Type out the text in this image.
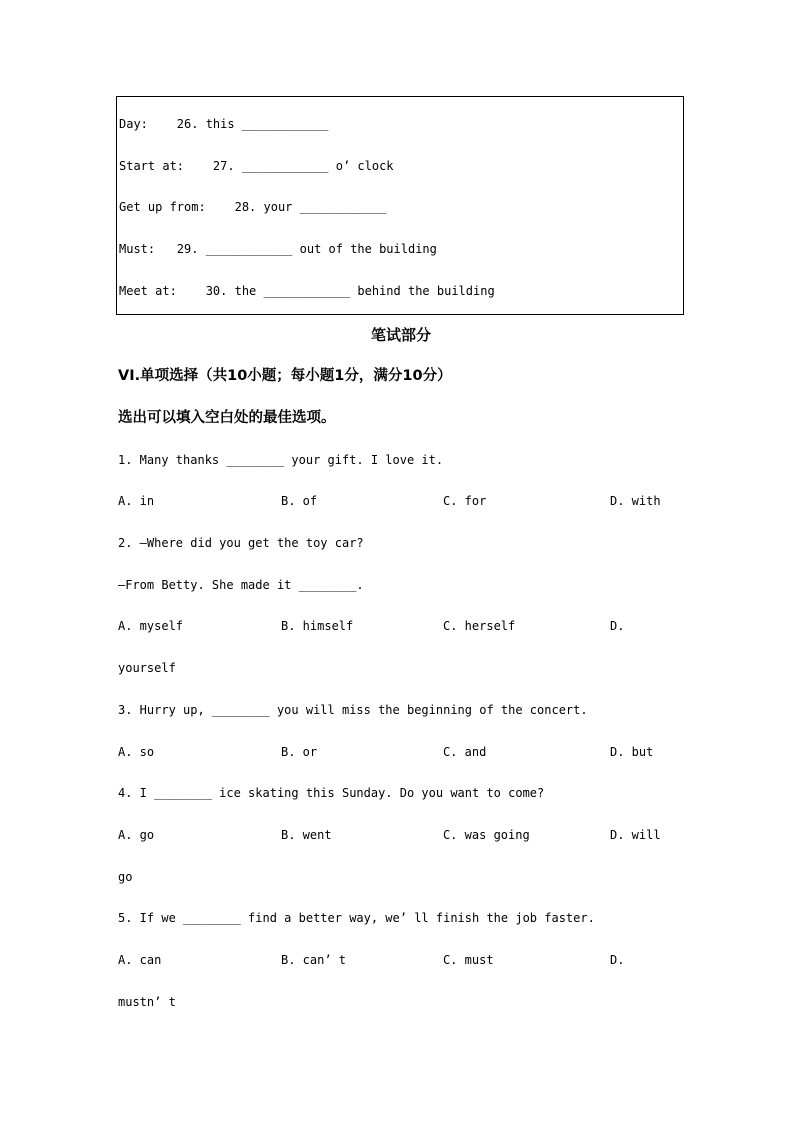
Day:    26. this ____________
Start at:    27. ____________ o’ clock
Get up from:    28. your ____________
Must:   29. ____________ out of the building
Meet at:    30. the ____________ behind the building
笔试部分
VI.单项选择（共10小题；每小题1分，满分10分）
选出可以填入空白处的最佳选项。
1. Many thanks ________ your gift. I love it.
A. in	B. of	C. for	D. with
2. —Where did you get the toy car?
—From Betty. She made it ________.
A. myself	B. himself	C. herself	D.
yourself
3. Hurry up, ________ you will miss the beginning of the concert.
A. so	B. or	C. and	D. but
4. I ________ ice skating this Sunday. Do you want to come?
A. go	B. went	C. was going	D. will
go
5. If we ________ find a better way, we’ ll finish the job faster.
A. can	B. can’ t	C. must	D.
mustn’ t
